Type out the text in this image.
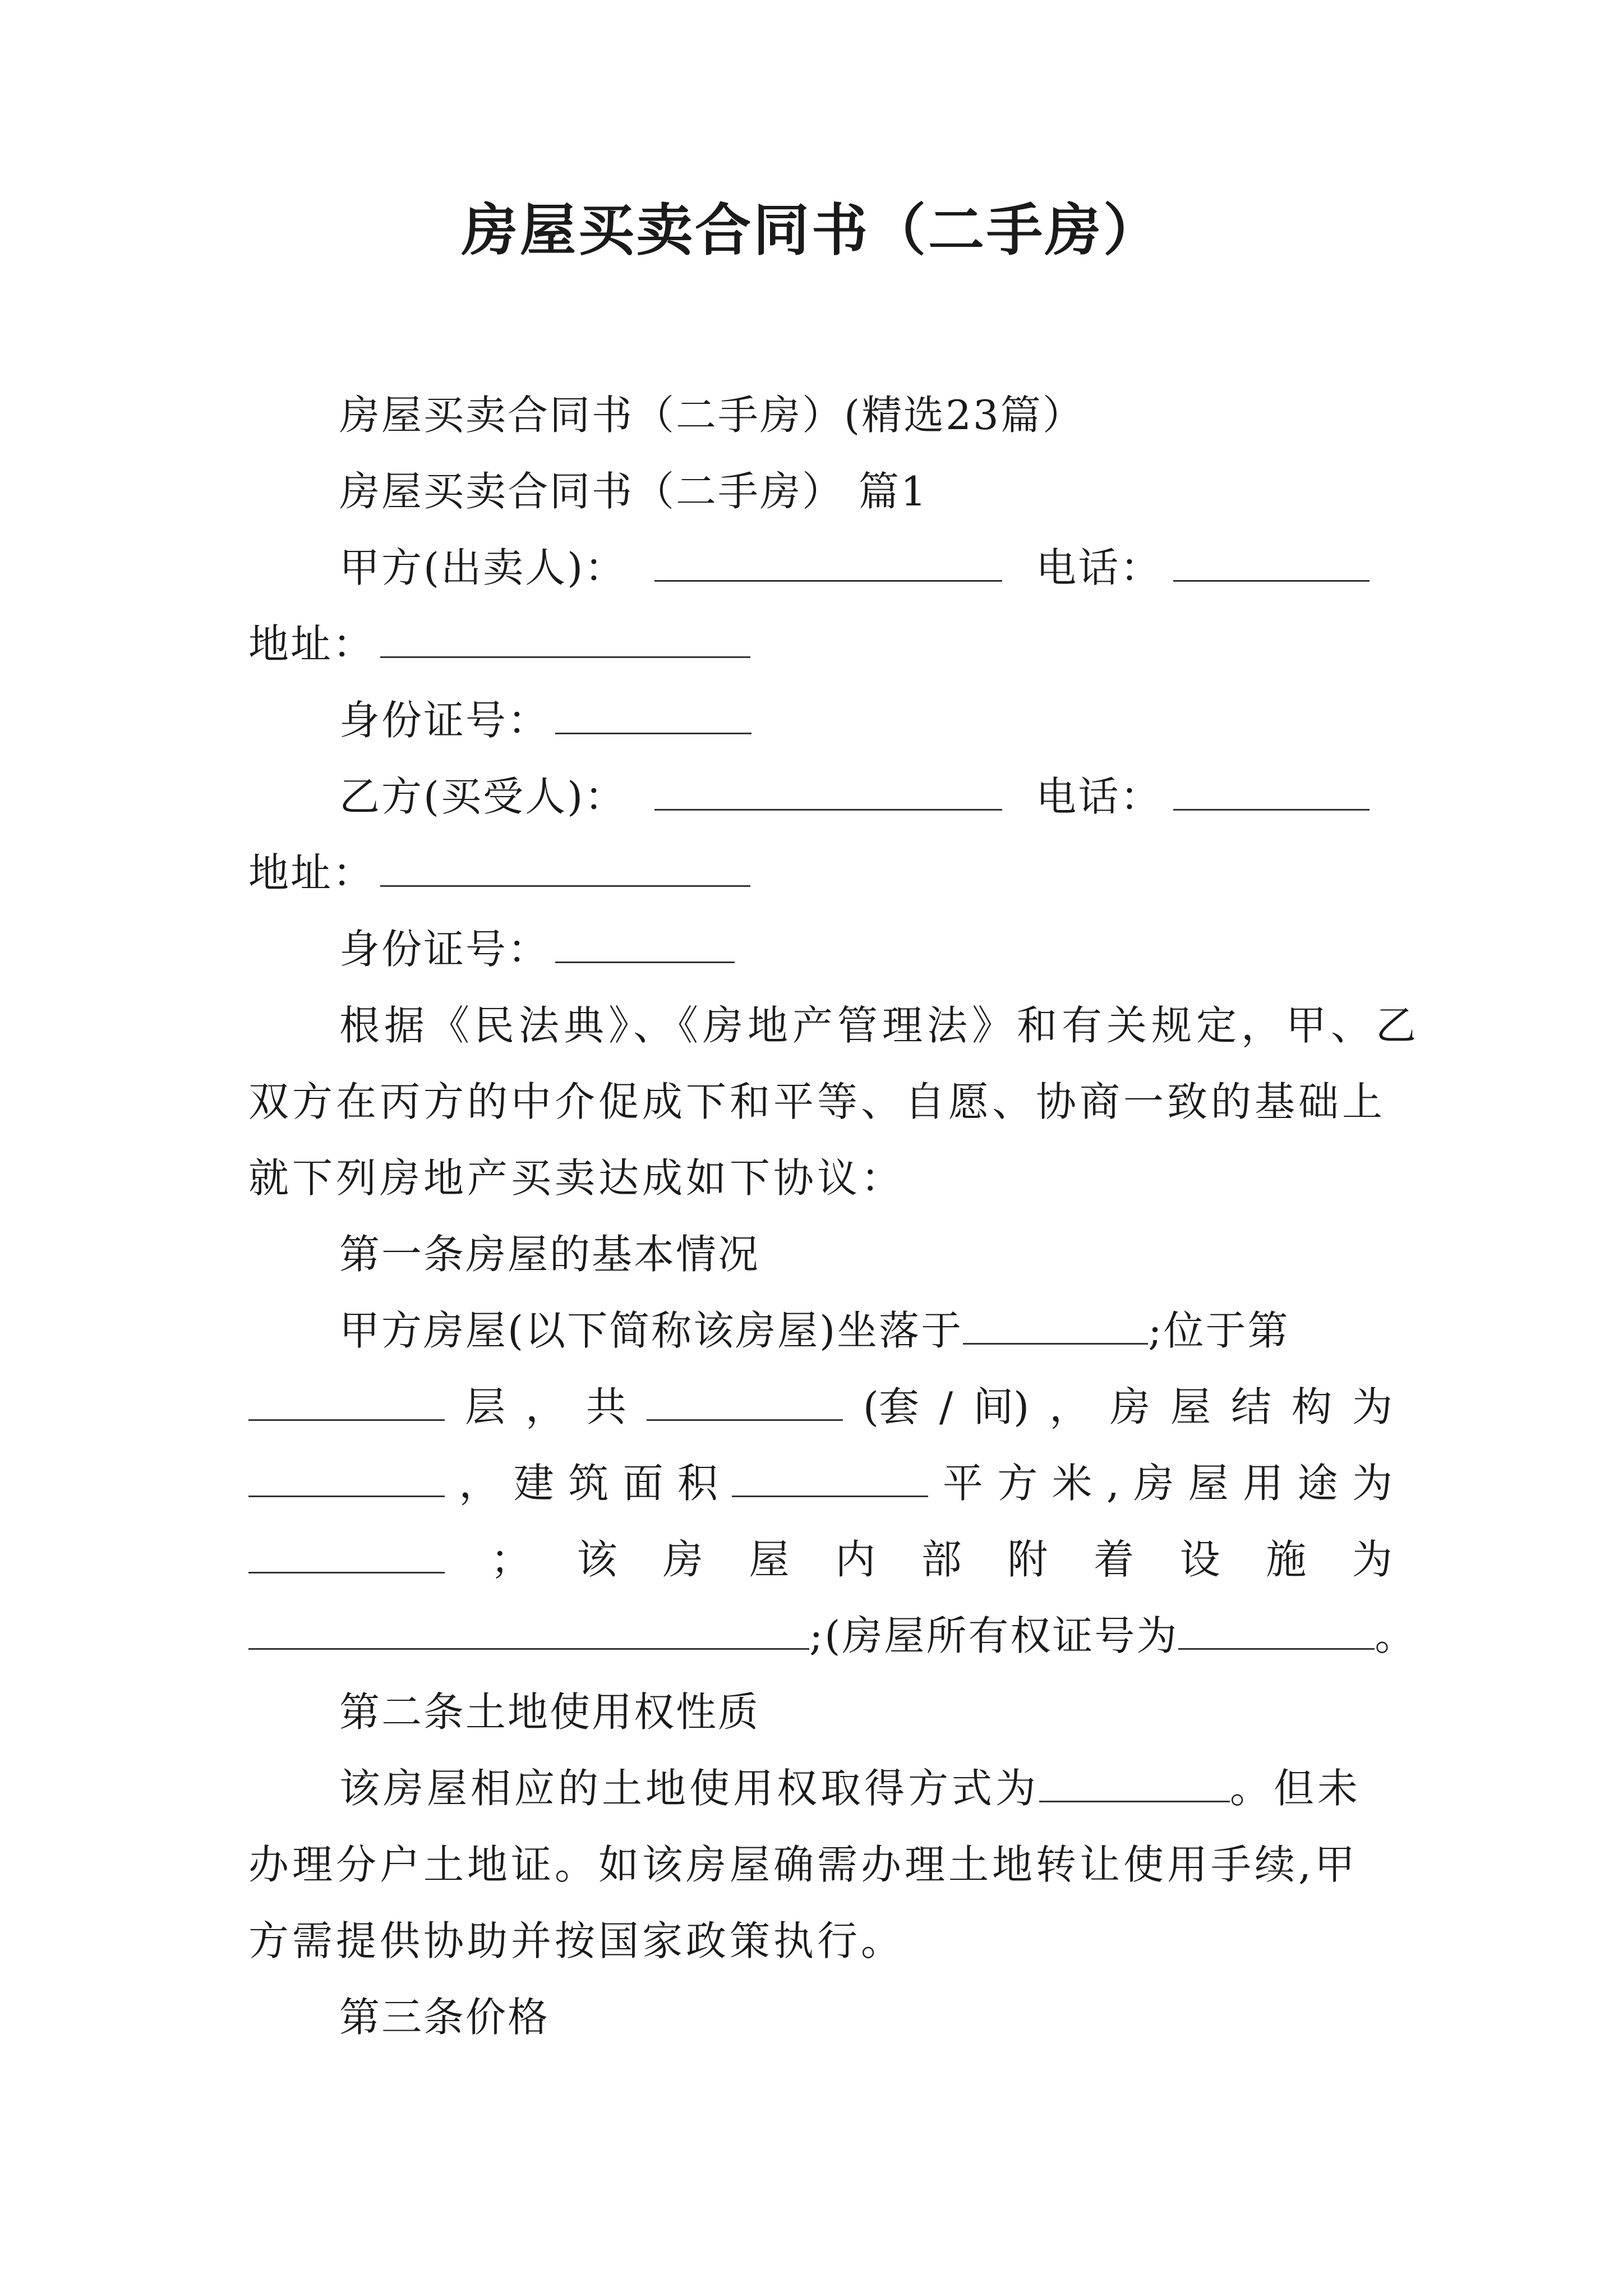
房屋买卖合同书（二手房）
房屋买卖合同书（二手房）(精选23篇）
房屋买卖合同书（二手房） 篇1
甲方(出卖人)：	电话：
地址：
身份证号：
乙方(买受人)：	电话：
地址：
身份证号：
根据《民法典》、《房地产管理法》和有关规定，甲、乙
双方在丙方的中介促成下和平等、自愿、协商一致的基础上
就下列房地产买卖达成如下协议：
第一条房屋的基本情况
甲方房屋(以下简称该房屋)坐落于	;位于第
层 ， 共	(套 / 间) ， 房 屋 结 构 为
， 建 筑 面 积	平 方 米 , 房 屋 用 途 为
； 该 房 屋 内 部 附 着 设 施 为
;(房屋所有权证号为	。
第二条土地使用权性质
该房屋相应的土地使用权取得方式为	。但未
办理分户土地证。如该房屋确需办理土地转让使用手续,甲
方需提供协助并按国家政策执行。
第三条价格
